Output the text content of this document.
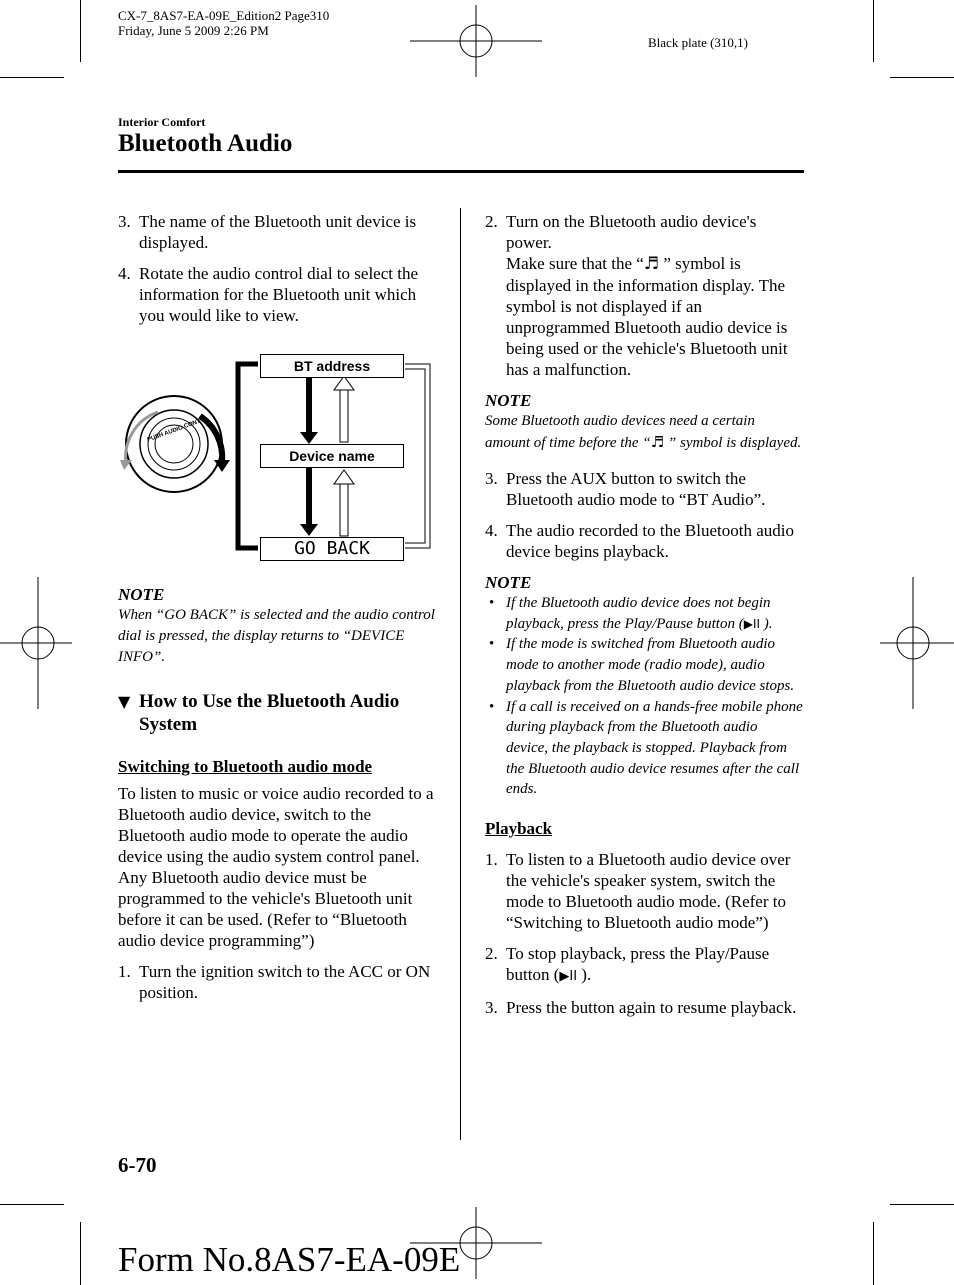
CX-7_8AS7-EA-09E_Edition2 Page310
Friday, June 5 2009 2:26 PM
Black plate (310,1)
Interior Comfort
Bluetooth Audio
3. The name of the Bluetooth unit device is displayed.
4. Rotate the audio control dial to select the information for the Bluetooth unit which you would like to view.
BT address
Device name
GO BACK
PUSH AUDIO CONT

NOTE

When “GO BACK” is selected and the audio control dial is pressed, the display returns to “DEVICE INFO”.

▼ How to Use the Bluetooth Audio System
Switching to Bluetooth audio mode
To listen to music or voice audio recorded to a Bluetooth audio device, switch to the Bluetooth audio mode to operate the audio device using the audio system control panel.
Any Bluetooth audio device must be programmed to the vehicle's Bluetooth unit before it can be used. (Refer to “Bluetooth audio device programming”)
1. Turn the ignition switch to the ACC or ON position.
2. Turn on the Bluetooth audio device's power.
Make sure that the “♬ ” symbol is displayed in the information display. The symbol is not displayed if an unprogrammed Bluetooth audio device is being used or the vehicle's Bluetooth unit has a malfunction.

NOTE

Some Bluetooth audio devices need a certain amount of time before the “♬ ” symbol is displayed.

3. Press the AUX button to switch the Bluetooth audio mode to “BT Audio”.
4. The audio recorded to the Bluetooth audio device begins playback.

NOTE

• If the Bluetooth audio device does not begin playback, press the Play/Pause button (▶II ).
• If the mode is switched from Bluetooth audio mode to another mode (radio mode), audio playback from the Bluetooth audio device stops.
• If a call is received on a hands-free mobile phone during playback from the Bluetooth audio device, the playback is stopped. Playback from the Bluetooth audio device resumes after the call ends.
Playback
1. To listen to a Bluetooth audio device over the vehicle's speaker system, switch the mode to Bluetooth audio mode. (Refer to
“Switching to Bluetooth audio mode”)
2. To stop playback, press the Play/Pause button (▶II ).
3. Press the button again to resume playback.
6-70
Form No.8AS7-EA-09E
